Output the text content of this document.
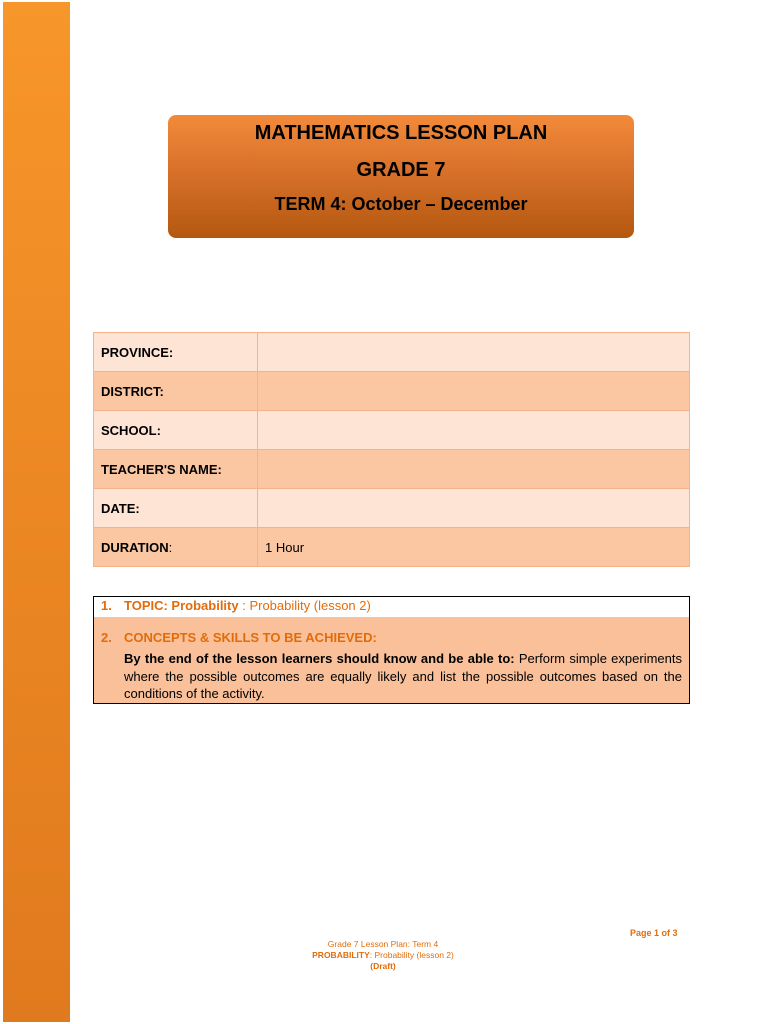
MATHEMATICS LESSON PLAN
GRADE 7
TERM 4: October – December
PROVINCE:	
DISTRICT:	
SCHOOL:	
TEACHER'S NAME:	
DATE:	
DURATION:	1 Hour
1. TOPIC: Probability : Probability (lesson 2)
2. CONCEPTS & SKILLS TO BE ACHIEVED:
By the end of the lesson learners should know and be able to: Perform simple experiments where the possible outcomes are equally likely and list the possible outcomes based on the conditions of the activity.
Page 1 of 3
Grade 7 Lesson Plan: Term 4
PROBABILITY: Probability (lesson 2)
(Draft)
